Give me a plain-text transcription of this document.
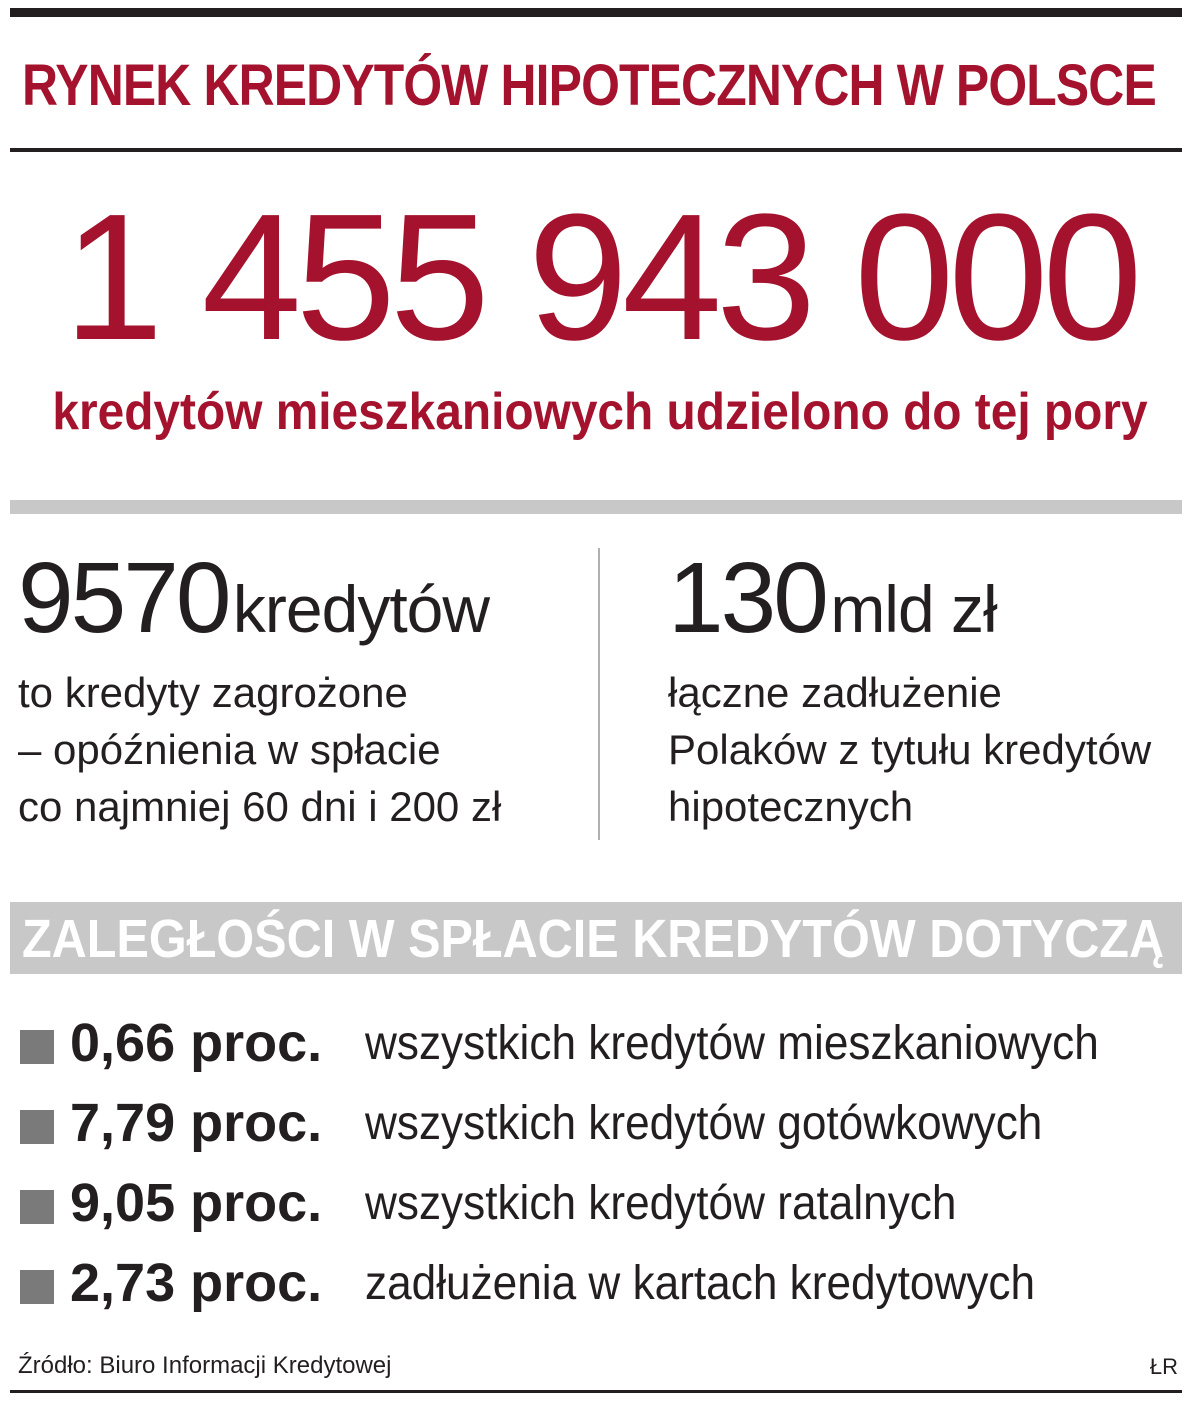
RYNEK KREDYTÓW HIPOTECZNYCH W POLSCE
1 455 943 000
kredytów mieszkaniowych udzielono do tej pory
9570 kredytów
to kredyty zagrożone
– opóźnienia w spłacie
co najmniej 60 dni i 200 zł
130 mld zł
łączne zadłużenie
Polaków z tytułu kredytów
hipotecznych
ZALEGŁOŚCI W SPŁACIE KREDYTÓW DOTYCZĄ
0,66 proc. wszystkich kredytów mieszkaniowych
7,79 proc. wszystkich kredytów gotówkowych
9,05 proc. wszystkich kredytów ratalnych
2,73 proc. zadłużenia w kartach kredytowych
Źródło: Biuro Informacji Kredytowej	ŁR
